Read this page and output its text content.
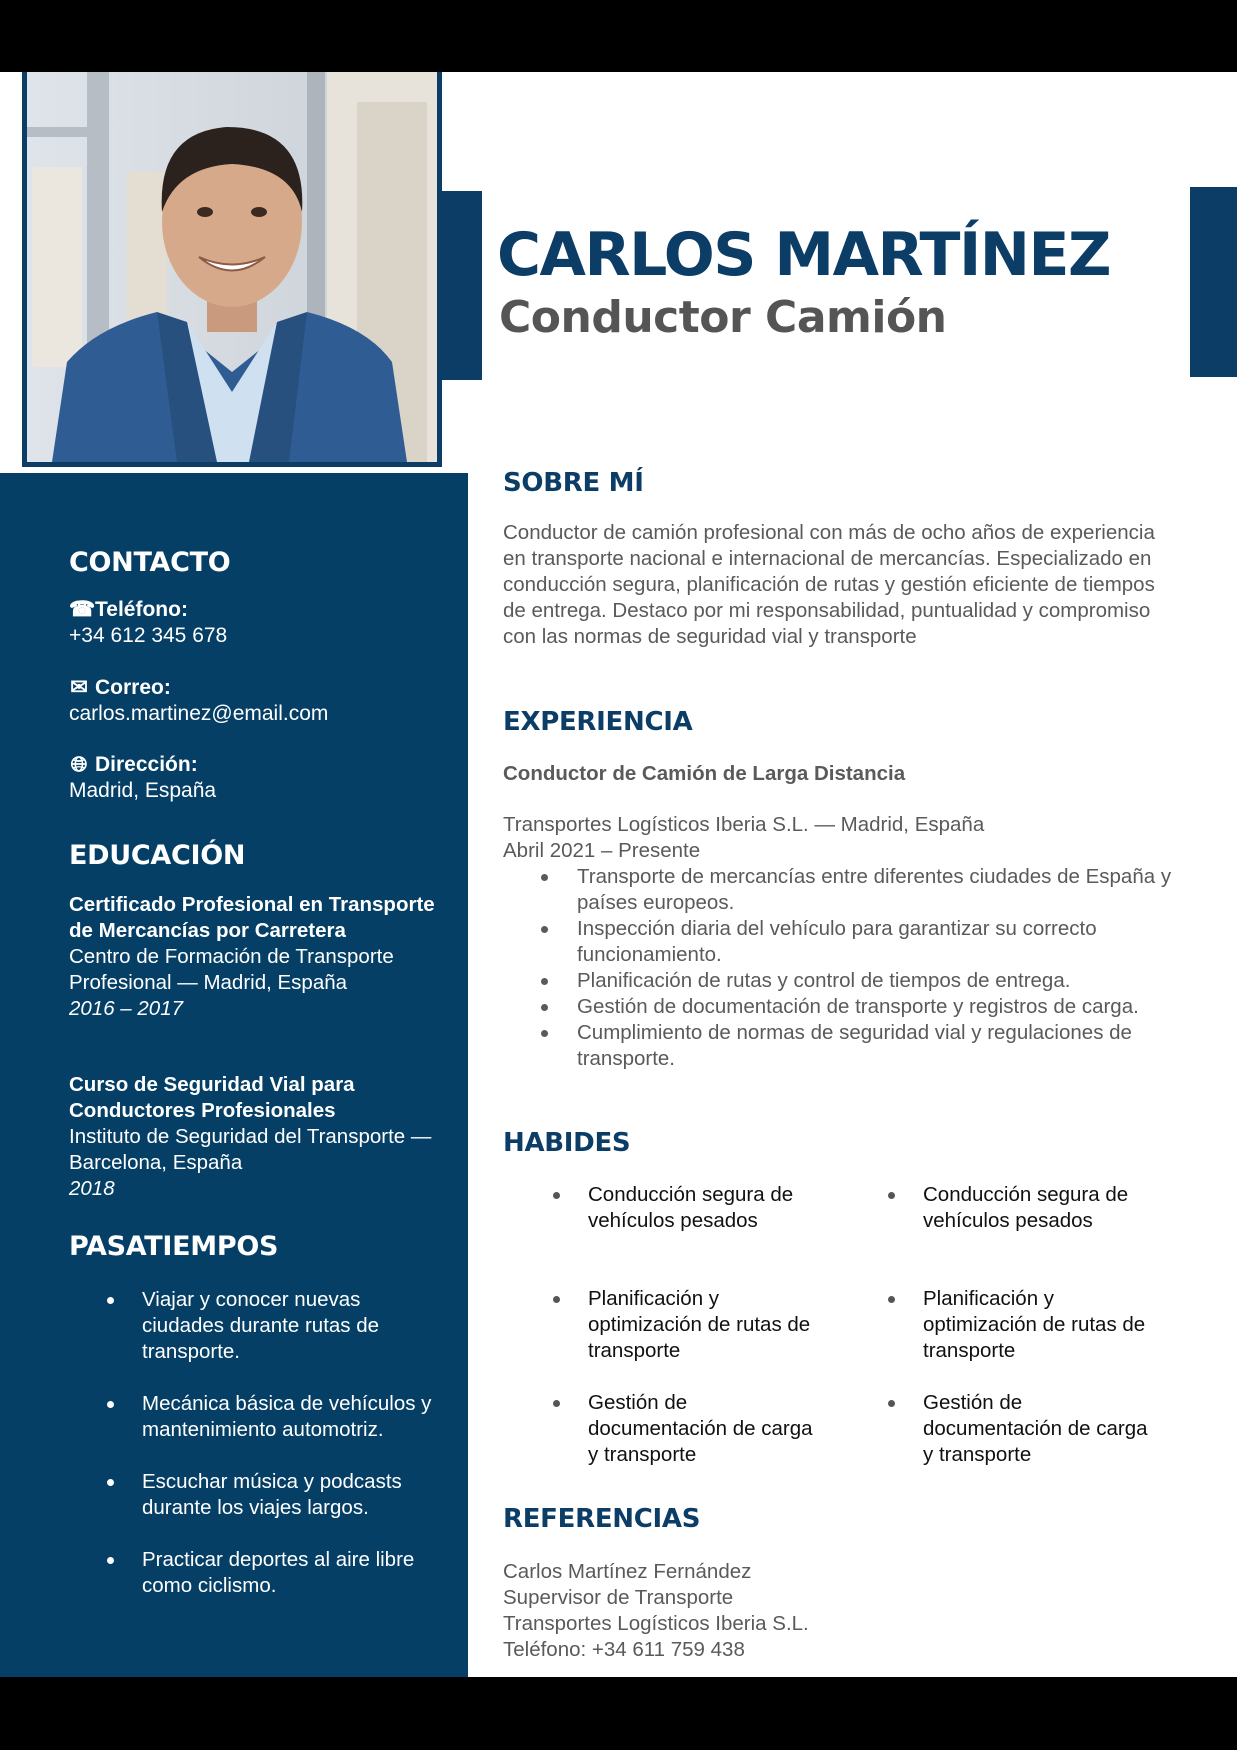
CARLOS MARTÍNEZ
Conductor Camión
CONTACTO
☎Teléfono:
+34 612 345 678
✉ Correo:
carlos.martinez@email.com
🌐︎ Dirección:
Madrid, España
EDUCACIÓN
Certificado Profesional en Transporte de Mercancías por Carretera
Centro de Formación de Transporte Profesional — Madrid, España
2016 – 2017
Curso de Seguridad Vial para Conductores Profesionales
Instituto de Seguridad del Transporte — Barcelona, España
2018
PASATIEMPOS
Viajar y conocer nuevas ciudades durante rutas de transporte.
Mecánica básica de vehículos y mantenimiento automotriz.
Escuchar música y podcasts durante los viajes largos.
Practicar deportes al aire libre como ciclismo.
SOBRE MÍ

Conductor de camión profesional con más de ocho años de experiencia en transporte nacional e internacional de mercancías. Especializado en conducción segura, planificación de rutas y gestión eficiente de tiempos de entrega. Destaco por mi responsabilidad, puntualidad y compromiso con las normas de seguridad vial y transporte

EXPERIENCIA
Conductor de Camión de Larga Distancia
Transportes Logísticos Iberia S.L. — Madrid, España
Abril 2021 – Presente
Transporte de mercancías entre diferentes ciudades de España y países europeos.
Inspección diaria del vehículo para garantizar su correcto funcionamiento.
Planificación de rutas y control de tiempos de entrega.
Gestión de documentación de transporte y registros de carga.
Cumplimiento de normas de seguridad vial y regulaciones de transporte.
HABIDES
Conducción segura de vehículos pesados
Planificación y optimización de rutas de transporte
Gestión de documentación de carga y transporte
Conducción segura de vehículos pesados
Planificación y optimización de rutas de transporte
Gestión de documentación de carga y transporte
REFERENCIAS
Carlos Martínez Fernández
Supervisor de Transporte
Transportes Logísticos Iberia S.L.
Teléfono: +34 611 759 438
